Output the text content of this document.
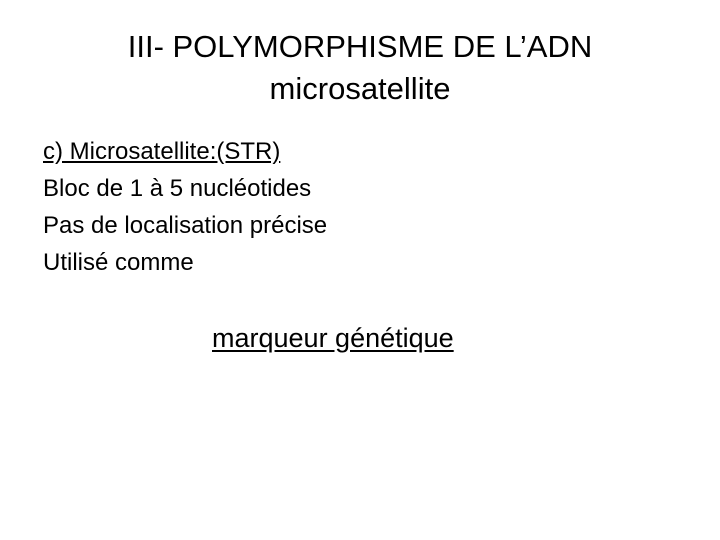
III- POLYMORPHISME DE L’ADN
microsatellite
c) Microsatellite:(STR)
Bloc de 1 à 5 nucléotides
Pas de localisation précise
Utilisé comme
marqueur génétique
